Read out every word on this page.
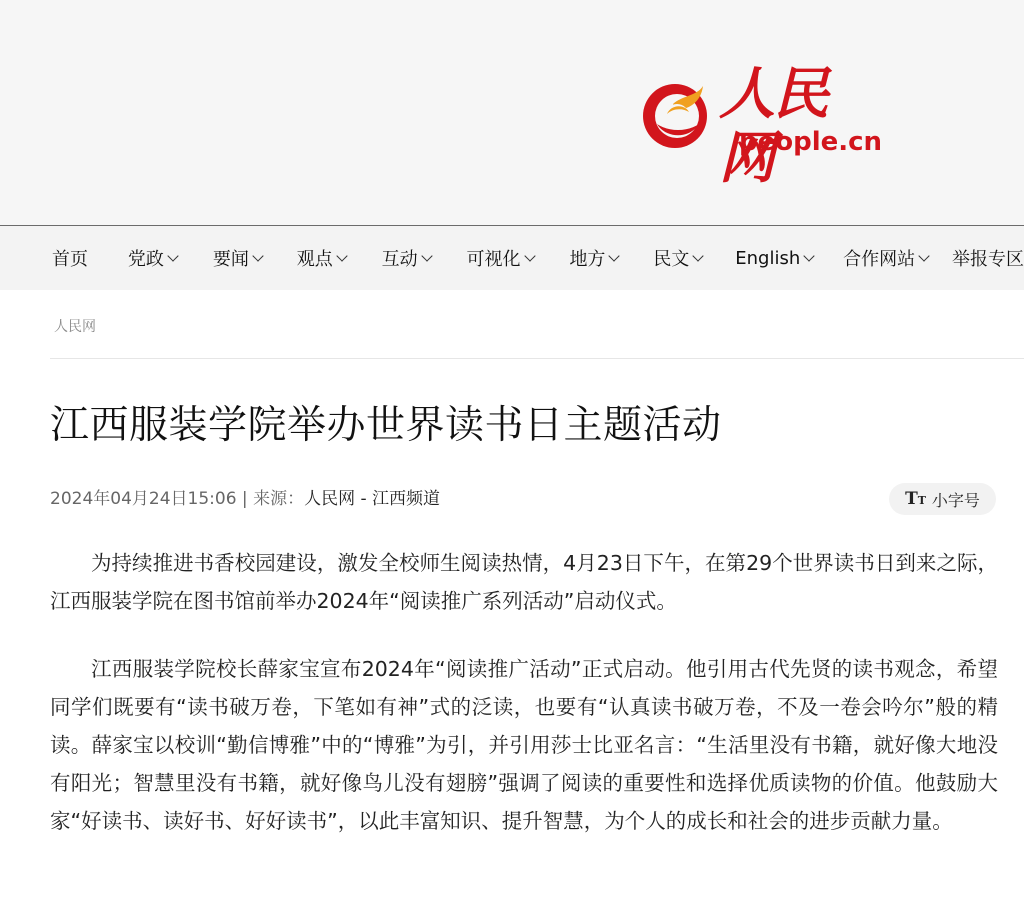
人民网
people.cn
首页 党政	要闻	观点	互动	可视化	地方	民文	English 合作网站 举报专区
人民网
江西服装学院举办世界读书日主题活动
2024年04月24日15:06 | 来源：人民网 - 江西频道	TT 小字号

为持续推进书香校园建设，激发全校师生阅读热情，4月23日下午，在第29个世界读书日到来之际，江西服装学院在图书馆前举办2024年“阅读推广系列活动”启动仪式。

江西服装学院校长薛家宝宣布2024年“阅读推广活动”正式启动。他引用古代先贤的读书观念，希望同学们既要有“读书破万卷，下笔如有神”式的泛读，也要有“认真读书破万卷，不及一卷会吟尔”般的精读。薛家宝以校训“勤信博雅”中的“博雅”为引，并引用莎士比亚名言：“生活里没有书籍，就好像大地没有阳光；智慧里没有书籍，就好像鸟儿没有翅膀”强调了阅读的重要性和选择优质读物的价值。他鼓励大家“好读书、读好书、好好读书”，以此丰富知识、提升智慧，为个人的成长和社会的进步贡献力量。
